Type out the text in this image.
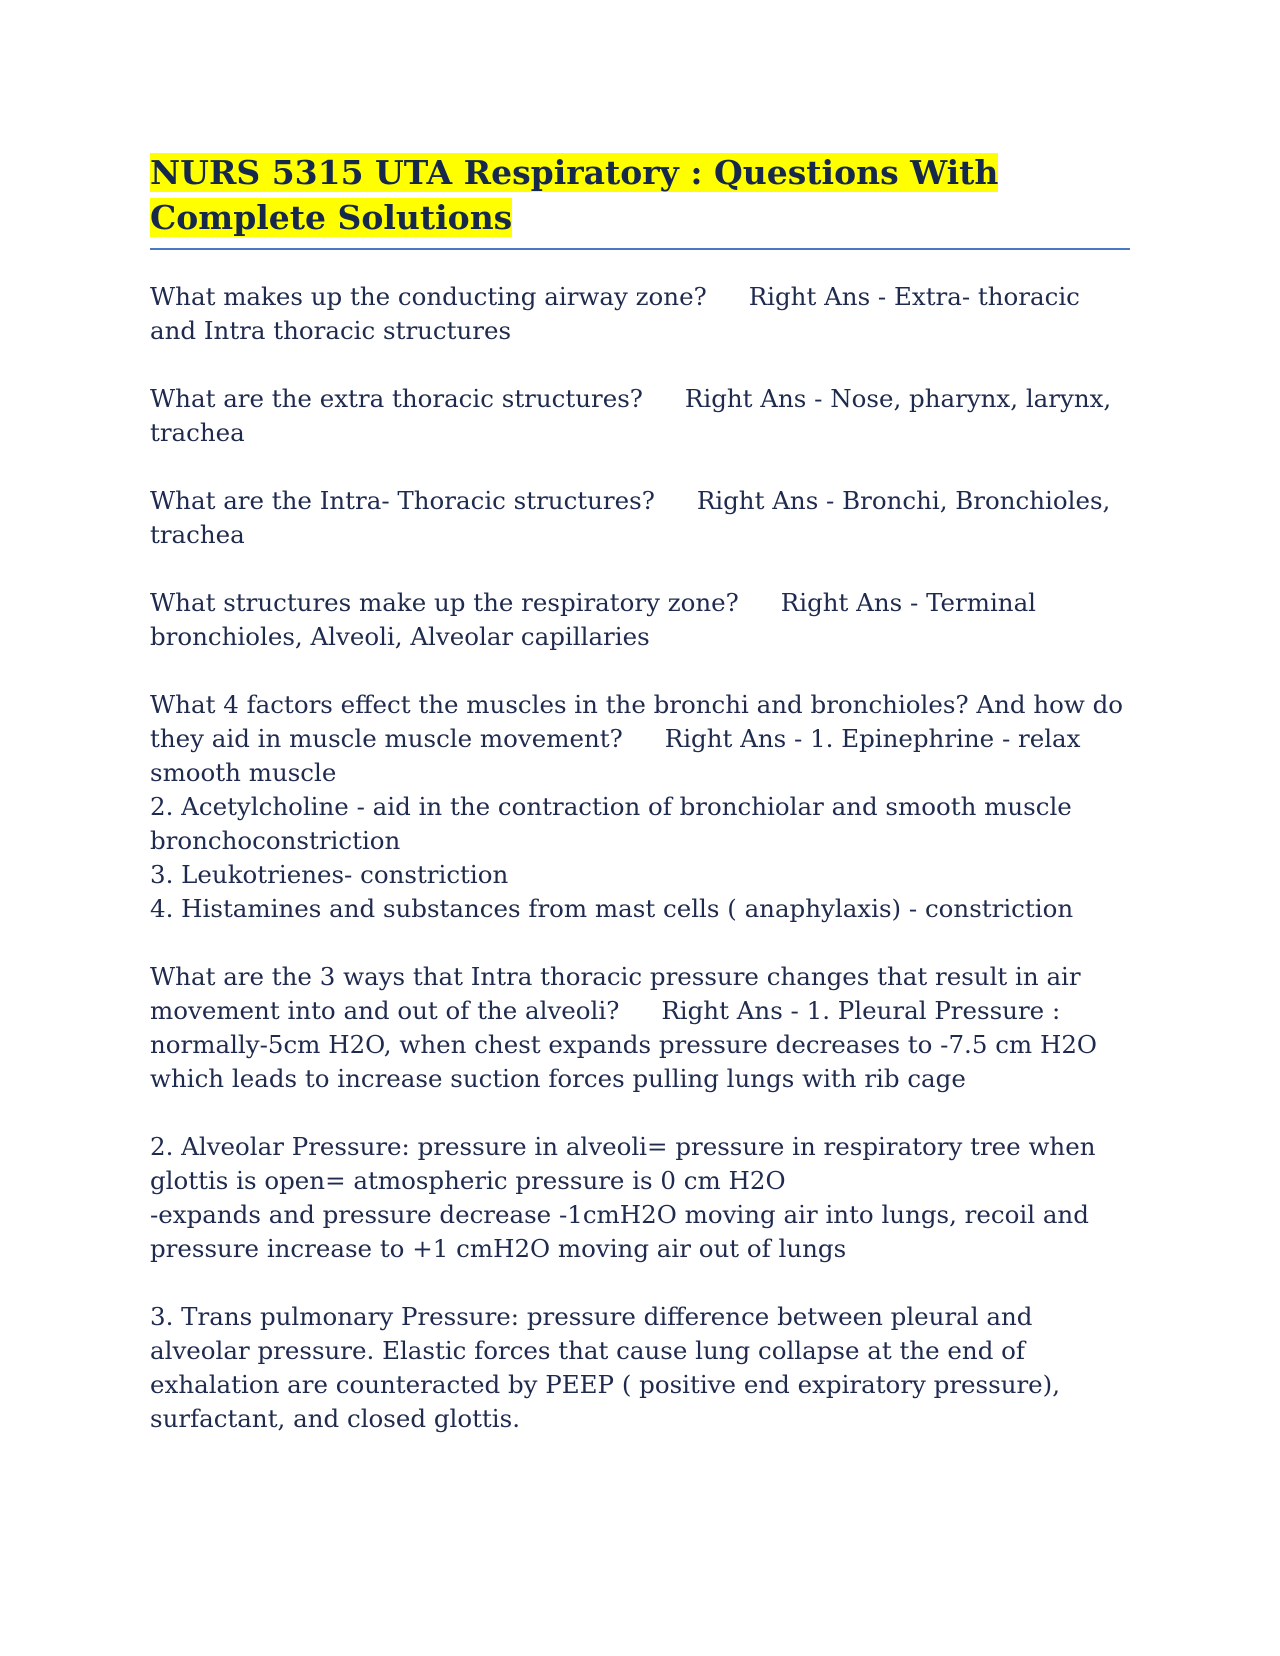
NURS 5315 UTA Respiratory : Questions With Complete Solutions

What makes up the conducting airway zone? Right Ans - Extra- thoracic and Intra thoracic structures

What are the extra thoracic structures? Right Ans - Nose, pharynx, larynx, trachea

What are the Intra- Thoracic structures? Right Ans - Bronchi, Bronchioles, trachea

What structures make up the respiratory zone? Right Ans - Terminal bronchioles, Alveoli, Alveolar capillaries

What 4 factors effect the muscles in the bronchi and bronchioles? And how do they aid in muscle muscle movement? Right Ans - 1. Epinephrine - relax smooth muscle
2. Acetylcholine - aid in the contraction of bronchiolar and smooth muscle bronchoconstriction
3. Leukotrienes- constriction
4. Histamines and substances from mast cells ( anaphylaxis) - constriction

What are the 3 ways that Intra thoracic pressure changes that result in air movement into and out of the alveoli? Right Ans - 1. Pleural Pressure : normally-5cm H2O, when chest expands pressure decreases to -7.5 cm H2O which leads to increase suction forces pulling lungs with rib cage

2. Alveolar Pressure: pressure in alveoli= pressure in respiratory tree when glottis is open= atmospheric pressure is 0 cm H2O
-expands and pressure decrease -1cmH2O moving air into lungs, recoil and pressure increase to +1 cmH2O moving air out of lungs
3. Trans pulmonary Pressure: pressure difference between pleural and alveolar pressure. Elastic forces that cause lung collapse at the end of exhalation are counteracted by PEEP ( positive end expiratory pressure), surfactant, and closed glottis.
